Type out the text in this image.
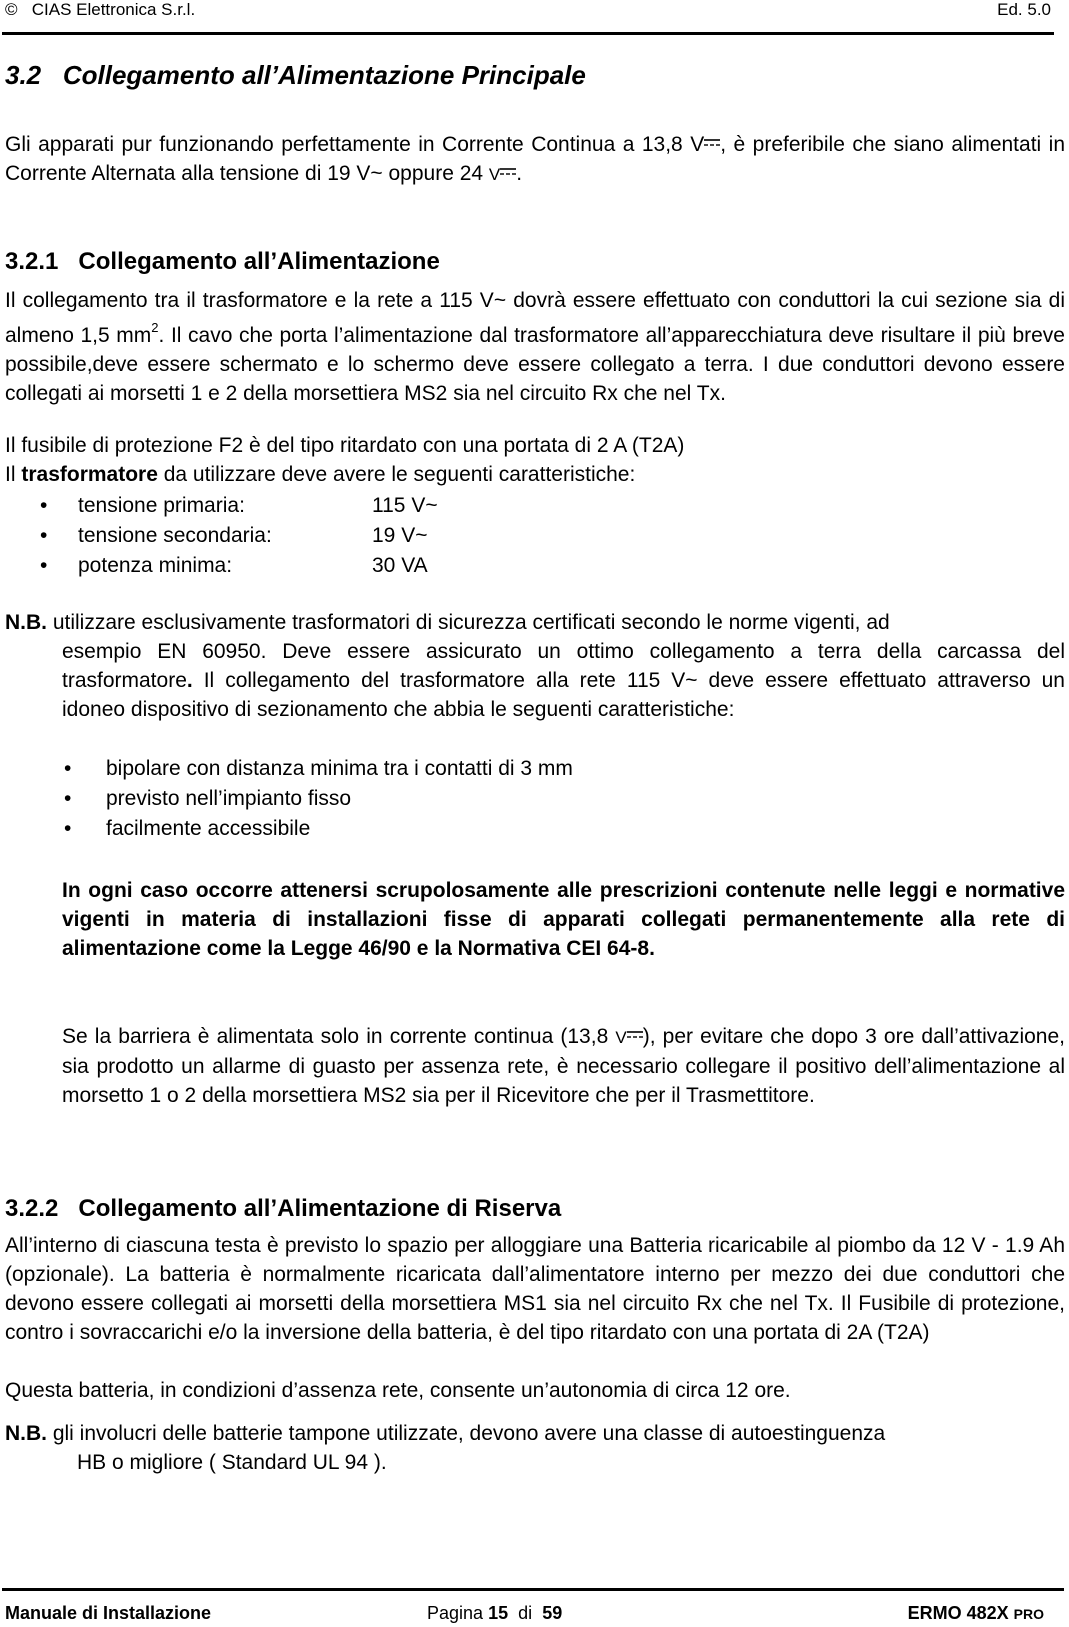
© CIAS Elettronica S.r.l.	Ed. 5.0
3.2 Collegamento all’Alimentazione Principale

Gli apparati pur funzionando perfettamente in Corrente Continua a 13,8 V , è preferibile che siano alimentati in Corrente Alternata alla tensione di 19 V~ oppure 24 V .

3.2.1 Collegamento all’Alimentazione

Il collegamento tra il trasformatore e la rete a 115 V~ dovrà essere effettuato con conduttori la cui sezione sia di almeno 1,5 $mm^2$. Il cavo che porta l’alimentazione dal trasformatore all’apparecchiatura deve risultare il più breve possibile,deve essere schermato e lo schermo deve essere collegato a terra. I due conduttori devono essere collegati ai morsetti 1 e 2 della morsettiera MS2 sia nel circuito Rx che nel Tx.

Il fusibile di protezione F2 è del tipo ritardato con una portata di 2 A (T2A)

Il trasformatore da utilizzare deve avere le seguenti caratteristiche:

• tensione primaria:	115 V~
• tensione secondaria:	19 V~
• potenza minima:	30 VA

N.B. utilizzare esclusivamente trasformatori di sicurezza certificati secondo le norme vigenti, ad

esempio EN 60950. Deve essere assicurato un ottimo collegamento a terra della carcassa del trasformatore. Il collegamento del trasformatore alla rete 115 V~ deve essere effettuato attraverso un idoneo dispositivo di sezionamento che abbia le seguenti caratteristiche:

• bipolare con distanza minima tra i contatti di 3 mm
• previsto nell’impianto fisso
• facilmente accessibile

In ogni caso occorre attenersi scrupolosamente alle prescrizioni contenute nelle leggi e normative vigenti in materia di installazioni fisse di apparati collegati permanentemente alla rete di alimentazione come la Legge 46/90 e la Normativa CEI 64-8.

Se la barriera è alimentata solo in corrente continua (13,8 V ), per evitare che dopo 3 ore dall’attivazione, sia prodotto un allarme di guasto per assenza rete, è necessario collegare il positivo dell’alimentazione al morsetto 1 o 2 della morsettiera MS2 sia per il Ricevitore che per il Trasmettitore.

3.2.2 Collegamento all’Alimentazione di Riserva

All’interno di ciascuna testa è previsto lo spazio per alloggiare una Batteria ricaricabile al piombo da 12 V - 1.9 Ah (opzionale). La batteria è normalmente ricaricata dall’alimentatore interno per mezzo dei due conduttori che devono essere collegati ai morsetti della morsettiera MS1 sia nel circuito Rx che nel Tx. Il Fusibile di protezione, contro i sovraccarichi e/o la inversione della batteria, è del tipo ritardato con una portata di 2A (T2A)

Questa batteria, in condizioni d’assenza rete, consente un’autonomia di circa 12 ore.

N.B. gli involucri delle batterie tampone utilizzate, devono avere una classe di autoestinguenza

HB o migliore ( Standard UL 94 ).

Manuale di Installazione	Pagina 15 di 59	ERMO 482X PRO
